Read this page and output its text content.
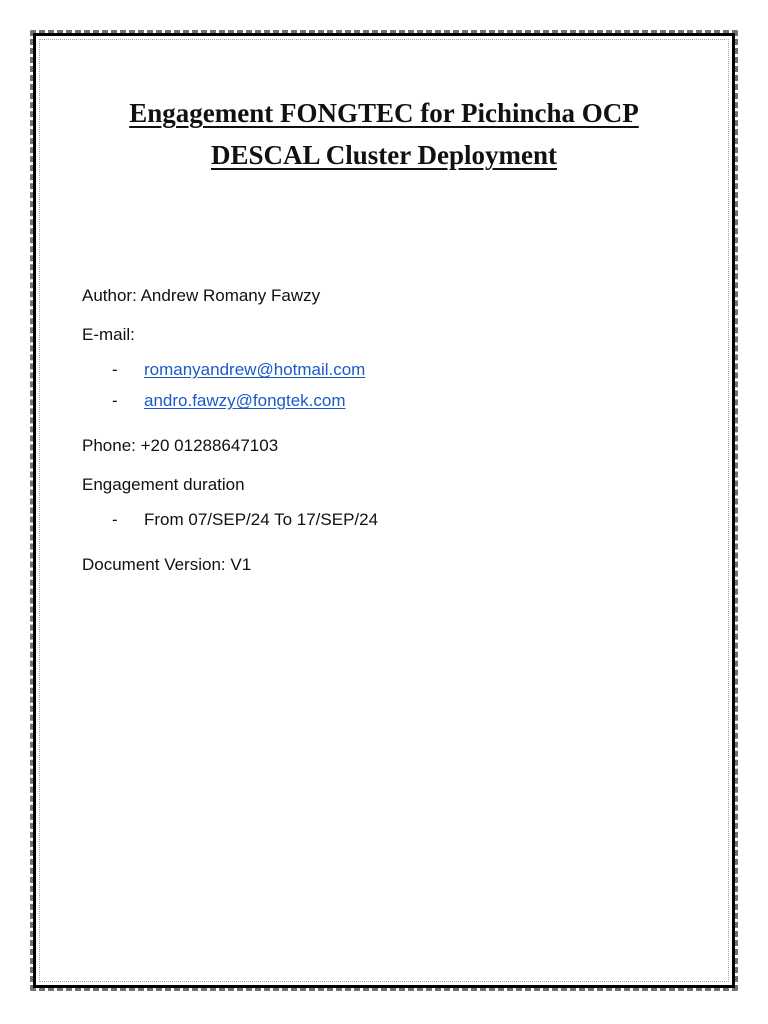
Engagement FONGTEC for Pichincha OCP
DESCAL Cluster Deployment
Author: Andrew Romany Fawzy
E-mail:
-	romanyandrew@hotmail.com
-	andro.fawzy@fongtek.com
Phone: +20 01288647103
Engagement duration
-	From 07/SEP/24 To 17/SEP/24
Document Version: V1
